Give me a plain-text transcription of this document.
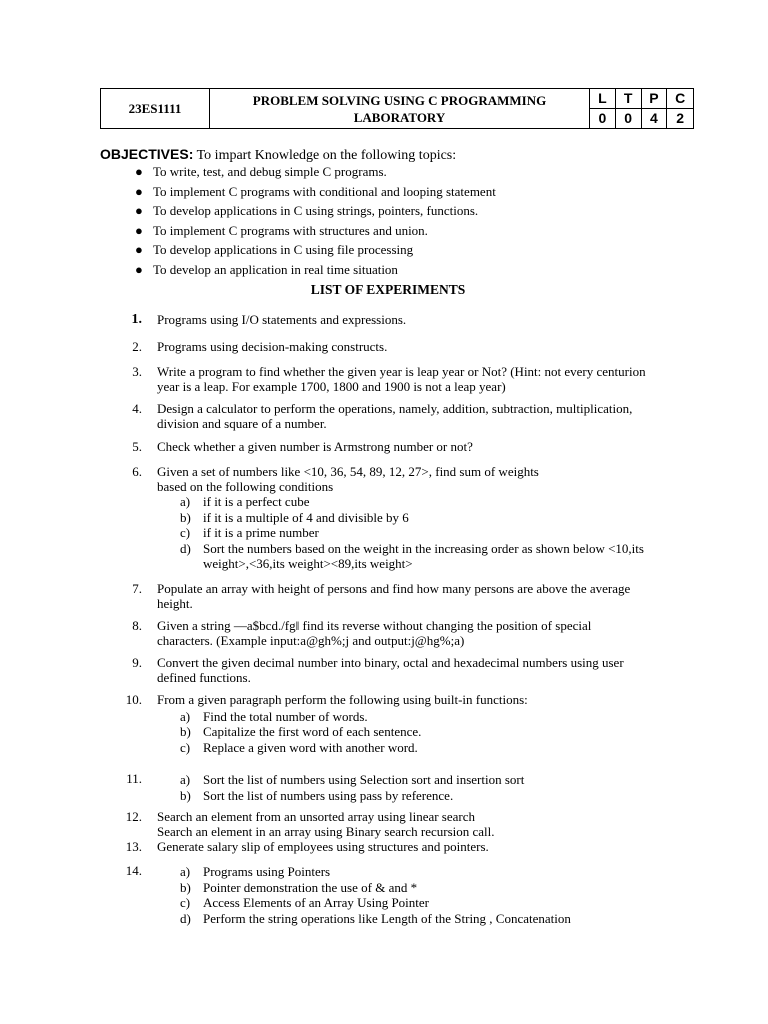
23ES1111
PROBLEM SOLVING USING C PROGRAMMING
LABORATORY
L	T	P	C
0	0	4	2
OBJECTIVES: To impart Knowledge on the following topics:
● To write, test, and debug simple C programs.
● To implement C programs with conditional and looping statement
● To develop applications in C using strings, pointers, functions.
● To implement C programs with structures and union.
● To develop applications in C using file processing
● To develop an application in real time situation
LIST OF EXPERIMENTS
1. Programs using I/O statements and expressions.
2. Programs using decision-making constructs.
3. Write a program to find whether the given year is leap year or Not? (Hint: not every centurion
year is a leap. For example 1700, 1800 and 1900 is not a leap year)
4. Design a calculator to perform the operations, namely, addition, subtraction, multiplication,
division and square of a number.
5. Check whether a given number is Armstrong number or not?
6. Given a set of numbers like <10, 36, 54, 89, 12, 27>, find sum of weights
based on the following conditions
a) if it is a perfect cube
b) if it is a multiple of 4 and divisible by 6
c) if it is a prime number
d) Sort the numbers based on the weight in the increasing order as shown below <10,its
weight>,<36,its weight><89,its weight>
7. Populate an array with height of persons and find how many persons are above the average
height.
8. Given a string —a$bcd./fg‖ find its reverse without changing the position of special
characters. (Example input:a@gh%;j and output:j@hg%;a)
9. Convert the given decimal number into binary, octal and hexadecimal numbers using user
defined functions.
10. From a given paragraph perform the following using built-in functions:
a) Find the total number of words.
b) Capitalize the first word of each sentence.
c) Replace a given word with another word.
11.	a) Sort the list of numbers using Selection sort and insertion sort
b) Sort the list of numbers using pass by reference.
12. Search an element from an unsorted array using linear search
Search an element in an array using Binary search recursion call.
13. Generate salary slip of employees using structures and pointers.
14.	a) Programs using Pointers
b) Pointer demonstration the use of & and *
c) Access Elements of an Array Using Pointer
d) Perform the string operations like Length of the String , Concatenation
